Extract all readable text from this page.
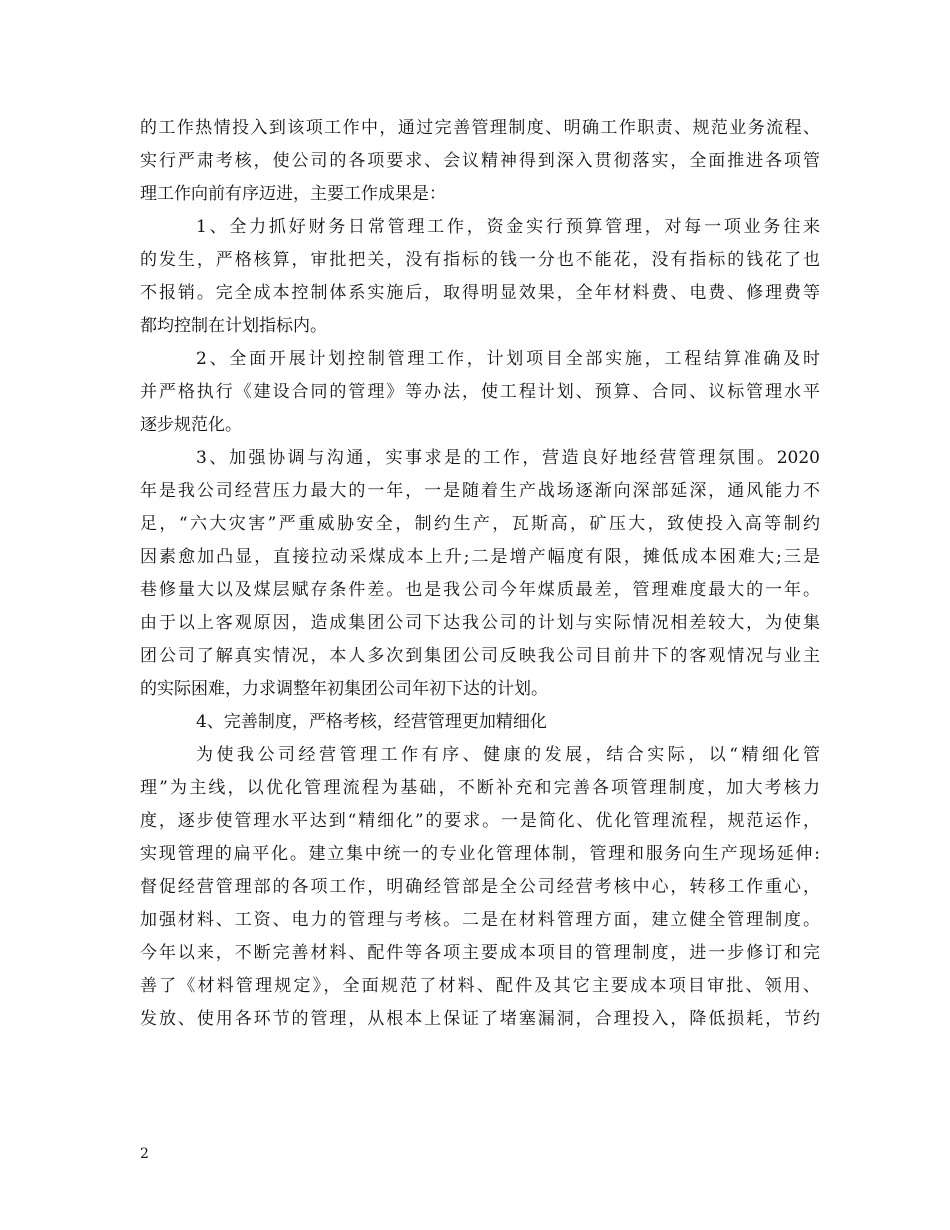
的工作热情投入到该项工作中，通过完善管理制度、明确工作职责、规范业务流程、
实行严肃考核，使公司的各项要求、会议精神得到深入贯彻落实，全面推进各项管
理工作向前有序迈进，主要工作成果是：
1、全力抓好财务日常管理工作，资金实行预算管理，对每一项业务往来
的发生，严格核算，审批把关，没有指标的钱一分也不能花，没有指标的钱花了也
不报销。完全成本控制体系实施后，取得明显效果，全年材料费、电费、修理费等
都均控制在计划指标内。
2、全面开展计划控制管理工作，计划项目全部实施，工程结算准确及时
并严格执行《建设合同的管理》等办法，使工程计划、预算、合同、议标管理水平
逐步规范化。
3、加强协调与沟通，实事求是的工作，营造良好地经营管理氛围。2020
年是我公司经营压力最大的一年，一是随着生产战场逐渐向深部延深，通风能力不
足，“六大灾害”严重威胁安全，制约生产，瓦斯高，矿压大，致使投入高等制约
因素愈加凸显，直接拉动采煤成本上升;二是增产幅度有限，摊低成本困难大;三是
巷修量大以及煤层赋存条件差。也是我公司今年煤质最差，管理难度最大的一年。
由于以上客观原因，造成集团公司下达我公司的计划与实际情况相差较大，为使集
团公司了解真实情况，本人多次到集团公司反映我公司目前井下的客观情况与业主
的实际困难，力求调整年初集团公司年初下达的计划。
4、完善制度，严格考核，经营管理更加精细化
为使我公司经营管理工作有序、健康的发展，结合实际，以“精细化管
理”为主线，以优化管理流程为基础，不断补充和完善各项管理制度，加大考核力
度，逐步使管理水平达到“精细化”的要求。一是简化、优化管理流程，规范运作，
实现管理的扁平化。建立集中统一的专业化管理体制，管理和服务向生产现场延伸:
督促经营管理部的各项工作，明确经管部是全公司经营考核中心，转移工作重心，
加强材料、工资、电力的管理与考核。二是在材料管理方面，建立健全管理制度。
今年以来，不断完善材料、配件等各项主要成本项目的管理制度，进一步修订和完
善了《材料管理规定》，全面规范了材料、配件及其它主要成本项目审批、领用、
发放、使用各环节的管理，从根本上保证了堵塞漏洞，合理投入，降低损耗，节约
2
